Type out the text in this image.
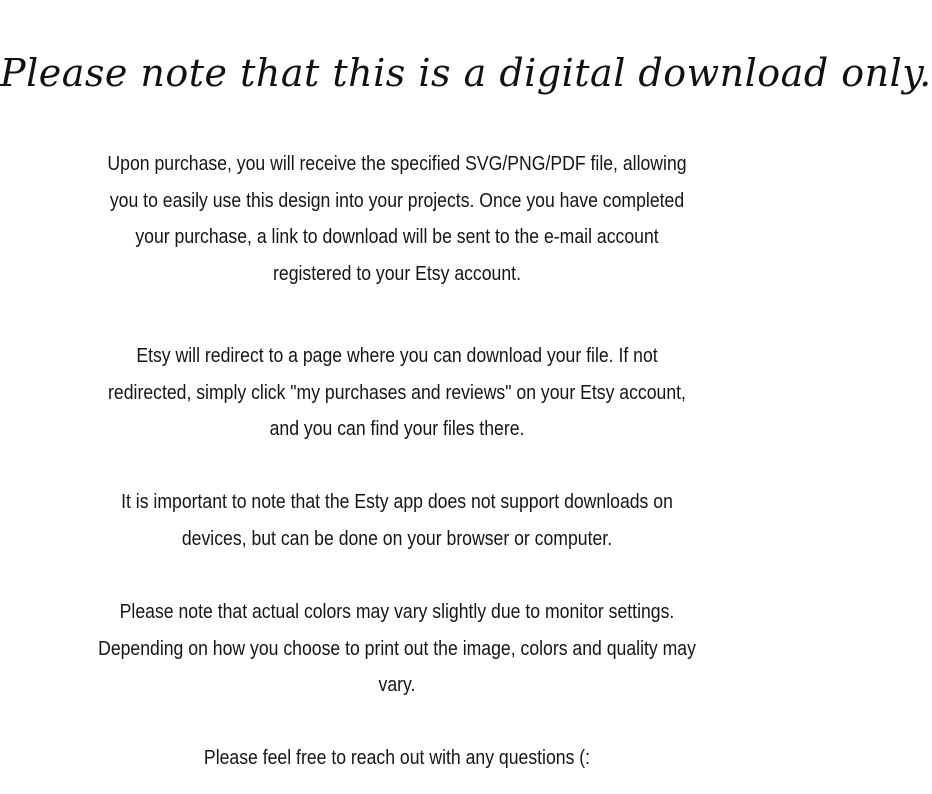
Please note that this is a digital download only.
Upon purchase, you will receive the specified SVG/PNG/PDF file, allowing
you to easily use this design into your projects. Once you have completed
your purchase, a link to download will be sent to the e-mail account
registered to your Etsy account.
Etsy will redirect to a page where you can download your file. If not
redirected, simply click "my purchases and reviews" on your Etsy account,
and you can find your files there.
It is important to note that the Esty app does not support downloads on
devices, but can be done on your browser or computer.
Please note that actual colors may vary slightly due to monitor settings.
Depending on how you choose to print out the image, colors and quality may
vary.
Please feel free to reach out with any questions (:
